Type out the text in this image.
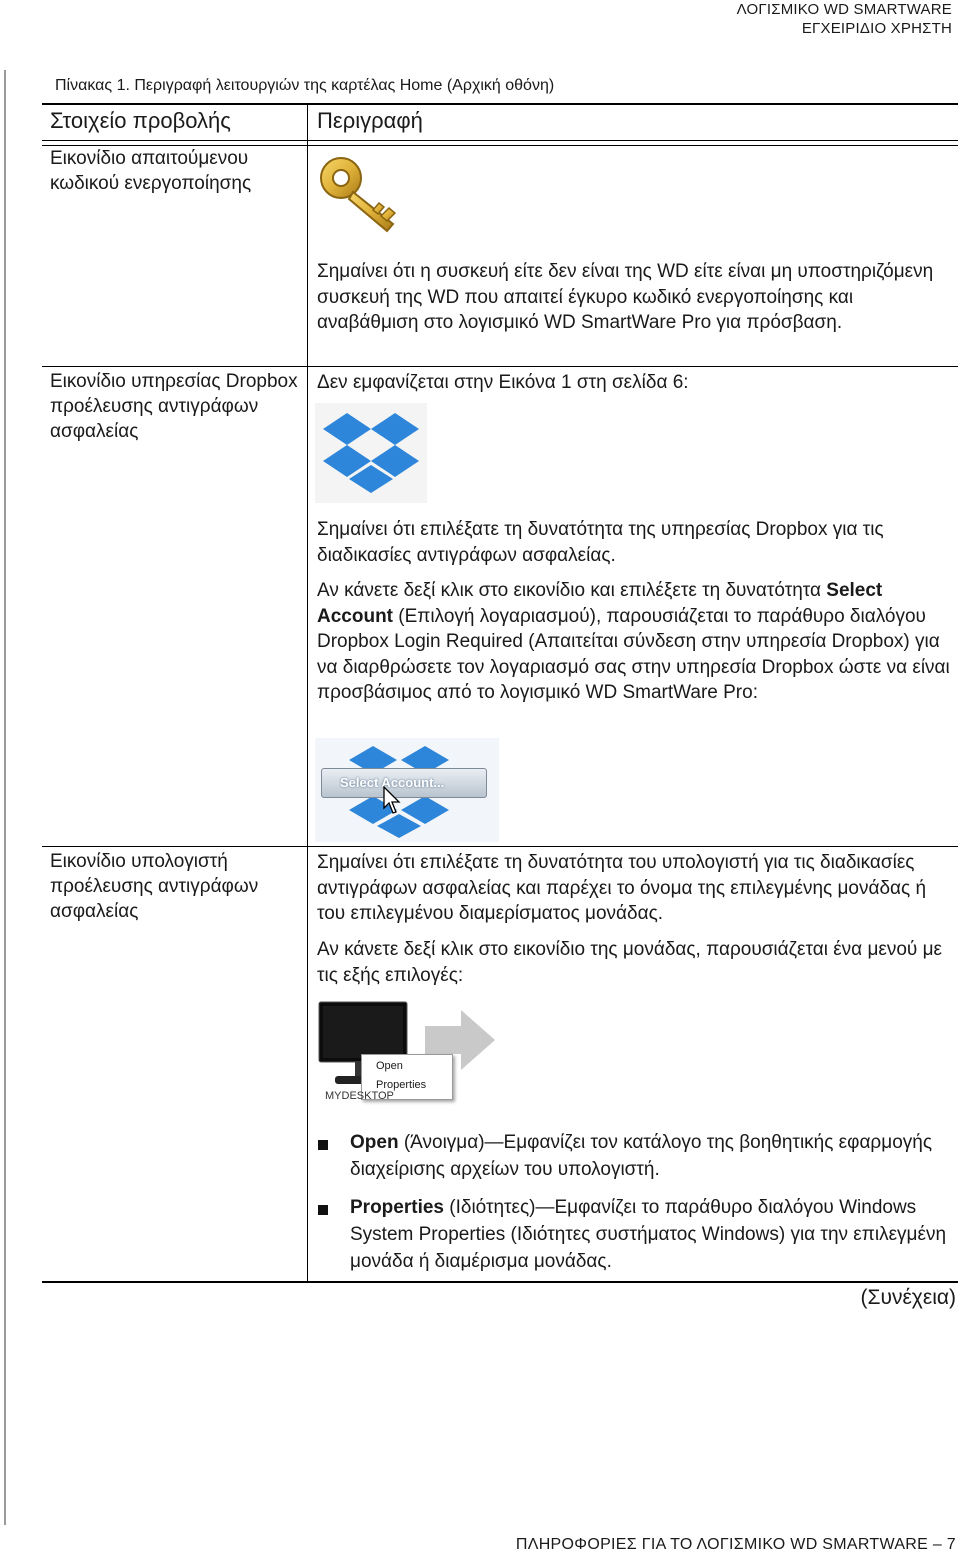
ΛΟΓΙΣΜΙΚΟ WD SMARTWARE
ΕΓΧΕΙΡΙΔΙΟ ΧΡΗΣΤΗ
Πίνακας 1. Περιγραφή λειτουργιών της καρτέλας Home (Αρχική οθόνη)
Στοιχείο προβολής	Περιγραφή
Εικονίδιο απαιτούμενου κωδικού ενεργοποίησης
Σημαίνει ότι η συσκευή είτε δεν είναι της WD είτε είναι μη υποστηριζόμενη συσκευή της WD που απαιτεί έγκυρο κωδικό ενεργοποίησης και αναβάθμιση στο λογισμικό WD SmartWare Pro για πρόσβαση.
Εικονίδιο υπηρεσίας Dropbox προέλευσης αντιγράφων ασφαλείας
Δεν εμφανίζεται στην Εικόνα 1 στη σελίδα 6:
Σημαίνει ότι επιλέξατε τη δυνατότητα της υπηρεσίας Dropbox για τις διαδικασίες αντιγράφων ασφαλείας.
Αν κάνετε δεξί κλικ στο εικονίδιο και επιλέξετε τη δυνατότητα Select Account (Επιλογή λογαριασμού), παρουσιάζεται το παράθυρο διαλόγου Dropbox Login Required (Απαιτείται σύνδεση στην υπηρεσία Dropbox) για να διαρθρώσετε τον λογαριασμό σας στην υπηρεσία Dropbox ώστε να είναι προσβάσιμος από το λογισμικό WD SmartWare Pro:
Select Account...
Εικονίδιο υπολογιστή προέλευσης αντιγράφων ασφαλείας
Σημαίνει ότι επιλέξατε τη δυνατότητα του υπολογιστή για τις διαδικασίες αντιγράφων ασφαλείας και παρέχει το όνομα της επιλεγμένης μονάδας ή του επιλεγμένου διαμερίσματος μονάδας.
Αν κάνετε δεξί κλικ στο εικονίδιο της μονάδας, παρουσιάζεται ένα μενού με τις εξής επιλογές:
Open
Properties
MYDESKTOP
Open (Άνοιγμα)—Εμφανίζει τον κατάλογο της βοηθητικής εφαρμογής διαχείρισης αρχείων του υπολογιστή.
Properties (Ιδιότητες)—Εμφανίζει το παράθυρο διαλόγου Windows System Properties (Ιδιότητες συστήματος Windows) για την επιλεγμένη μονάδα ή διαμέρισμα μονάδας.
(Συνέχεια)
ΠΛΗΡΟΦΟΡΙΕΣ ΓΙΑ ΤΟ ΛΟΓΙΣΜΙΚΟ WD SMARTWARE – 7
